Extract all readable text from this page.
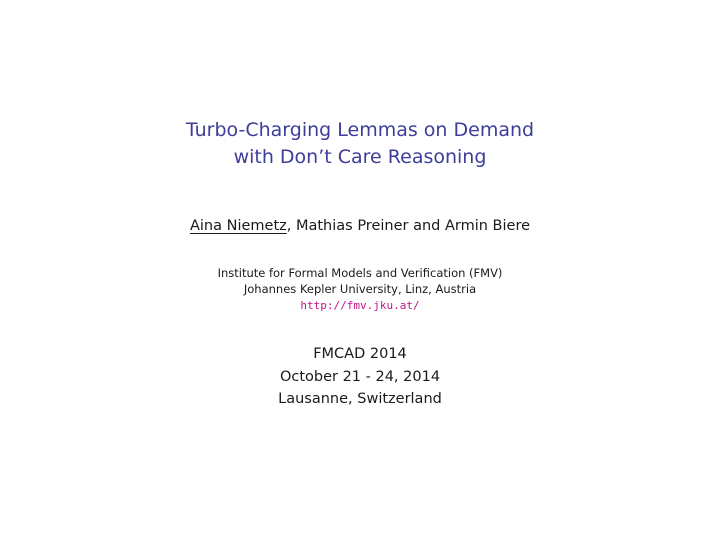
Turbo-Charging Lemmas on Demand
with Don’t Care Reasoning
Aina Niemetz, Mathias Preiner and Armin Biere
Institute for Formal Models and Verification (FMV)
Johannes Kepler University, Linz, Austria
http://fmv.jku.at/
FMCAD 2014
October 21 - 24, 2014
Lausanne, Switzerland
